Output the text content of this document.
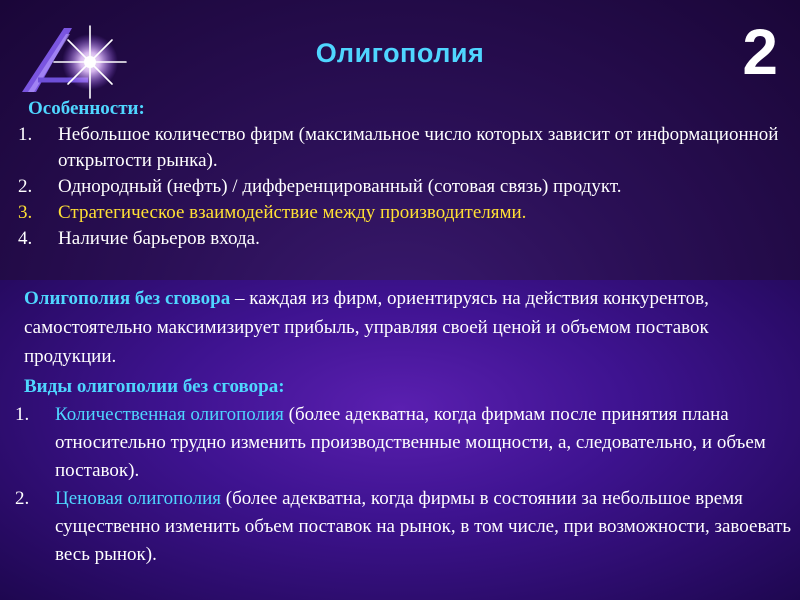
Олигополия	2
Особенности:
1. Небольшое количество фирм (максимальное число которых зависит от информационной открытости рынка).
2. Однородный (нефть) / дифференцированный (сотовая связь) продукт.
3. Стратегическое взаимодействие между производителями.
4. Наличие барьеров входа.
Олигополия без сговора – каждая из фирм, ориентируясь на действия конкурентов, самостоятельно максимизирует прибыль, управляя своей ценой и объемом поставок продукции.
Виды олигополии без сговора:
1. Количественная олигополия (более адекватна, когда фирмам после принятия плана относительно трудно изменить производственные мощности, а, следовательно, и объем поставок).
2. Ценовая олигополия (более адекватна, когда фирмы в состоянии за небольшое время существенно изменить объем поставок на рынок, в том числе, при возможности, завоевать весь рынок).
